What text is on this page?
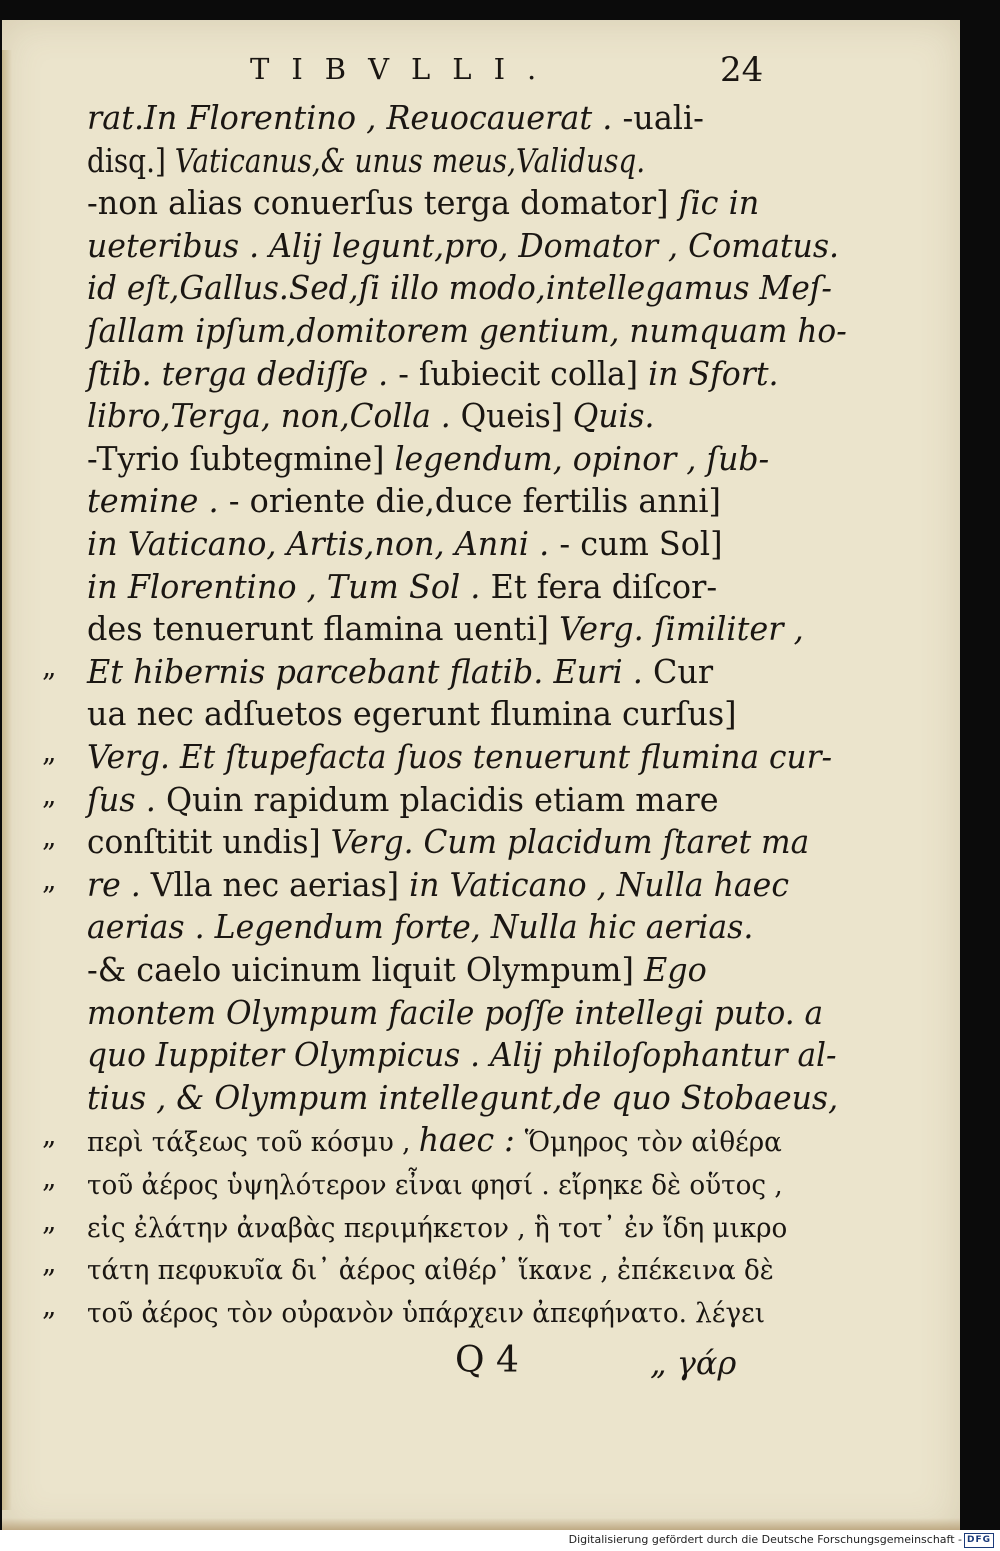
TIBVLLI.	24
rat.In Florentino , Reuocauerat . -uali-
disq.] Vaticanus,& unus meus,Validusq.
-non alias conuerſus terga domator] ſic in
ueteribus . Alij legunt,pro, Domator , Comatus.
id eſt,Gallus.Sed,ſi illo modo,intellegamus Meſ-
ſallam ipſum,domitorem gentium, numquam ho-
ſtib. terga dediſſe . - ſubiecit colla] in Sfort.
libro,Terga, non,Colla . Queis] Quis.
-Tyrio ſubtegmine] legendum, opinor , ſub-
temine . - oriente die,duce fertilis anni]
in Vaticano, Artis,non, Anni . - cum Sol]
in Florentino , Tum Sol . Et fera diſcor-
des tenuerunt flamina uenti] Verg. ſimiliter ,
Et hibernis parcebant flatib. Euri . Cur
ua nec adſuetos egerunt flumina curſus]
Verg. Et ſtupefacta ſuos tenuerunt flumina cur-
ſus . Quin rapidum placidis etiam mare
conſtitit undis] Verg. Cum placidum ſtaret ma
re . Vlla nec aerias] in Vaticano , Nulla haec
aerias . Legendum forte, Nulla hic aerias.
-& caelo uicinum liquit Olympum] Ego
montem Olympum facile poſſe intellegi puto. a
quo Iuppiter Olympicus . Alij philoſophantur al-
tius , & Olympum intellegunt,de quo Stobaeus,
περὶ τάξεως τοῦ κόσμυ , haec : Ὅμηρος τὸν αἰθέρα
τοῦ ἀέρος ὑψηλότερον εἶναι φησί . εἴρηκε δὲ οὕτος ,
εἰς ἐλάτην ἀναβὰς περιμήκετον , ἣ τοτ᾽ ἐν ἴδη μικρο
τάτη πεφυκυῖα δι᾽ ἀέρος αἰθέρ᾽ ἵκανε , ἐπέκεινα δὲ
τοῦ ἀέρος τὸν οὐρανὸν ὑπάρχειν ἀπεφήνατο. λέγει
„
„
„
„
„
„
„
„
„
„
Q 4	„ γάρ
Digitalisierung gefördert durch die Deutsche Forschungsgemeinschaft - DFG
